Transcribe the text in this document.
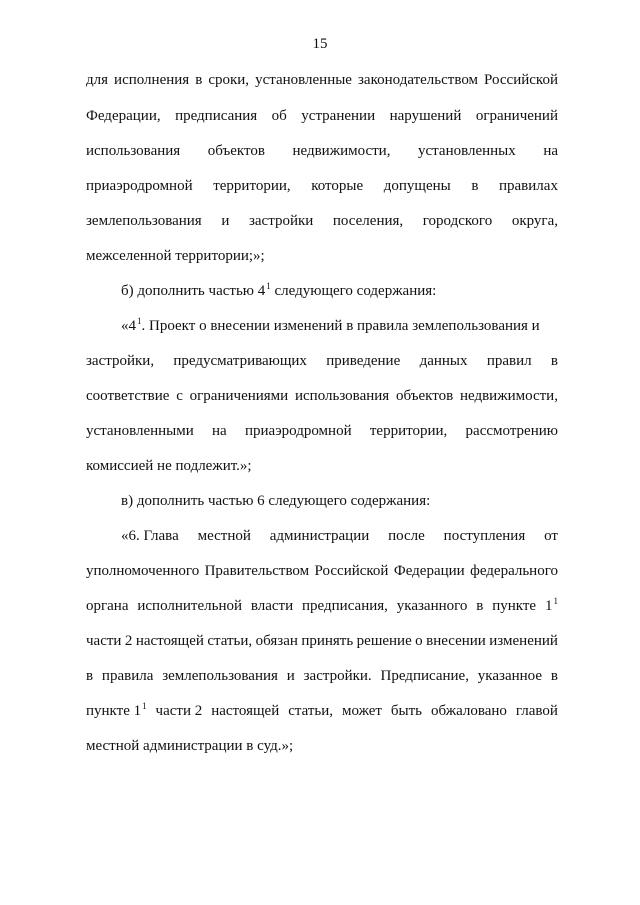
15
для исполнения в сроки, установленные законодательством Российской
Федерации, предписания об устранении нарушений ограничений
использования объектов недвижимости, установленных на
приаэродромной территории, которые допущены в правилах
землепользования и застройки поселения, городского округа,
межселенной территории;»;
б) дополнить частью $4^1$ следующего содержания:
«$4^1$. Проект о внесении изменений в правила землепользования и
застройки, предусматривающих приведение данных правил в
соответствие с ограничениями использования объектов недвижимости,
установленными на приаэродромной территории, рассмотрению
комиссией не подлежит.»;
в) дополнить частью 6 следующего содержания:
«6. Глава местной администрации после поступления от
уполномоченного Правительством Российской Федерации федерального
органа исполнительной власти предписания, указанного в пункте $1^1$
части 2 настоящей статьи, обязан принять решение о внесении изменений
в правила землепользования и застройки. Предписание, указанное в
пункте $1^1$ части 2 настоящей статьи, может быть обжаловано главой
местной администрации в суд.»;
